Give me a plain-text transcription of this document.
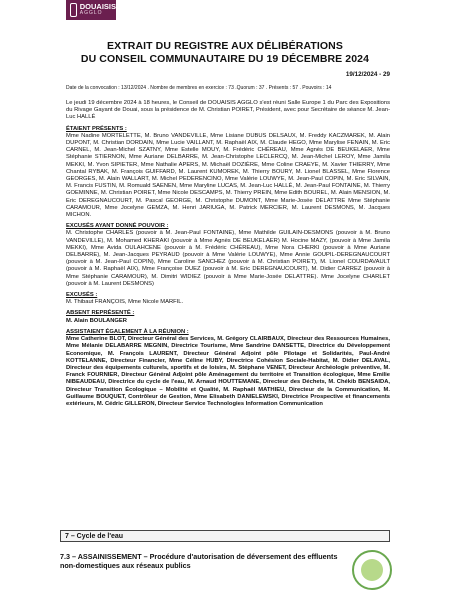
DOUAISIS
AGGLO
EXTRAIT DU REGISTRE AUX DÉLIBÉRATIONS
DU CONSEIL COMMUNAUTAIRE DU 19 DÉCEMBRE 2024
19/12/2024 - 29
Date de la convocation : 13/12/2024 . Nombre de membres en exercice : 73 .Quorum : 37 . Présents : 57 . Pouvoirs : 14

Le jeudi 19 décembre 2024 à 18 heures, le Conseil de DOUAISIS AGGLO s'est réuni Salle Europe 1 du Parc des Expositions du Rivage Gayant de Douai, sous la présidence de M. Christian POIRET, Président, avec pour Secrétaire de séance M. Jean-Luc HALLÉ

ÉTAIENT PRÉSENTS :

Mme Nadine MORTELETTE, M. Bruno VANDEVILLE, Mme Lisiane DUBUS DELSAUX, M. Freddy KACZMAREK, M. Alain DUPONT, M. Christian DORDAIN, Mme Lucie VAILLANT, M. Raphaël AIX, M. Claude HEGO, Mme Marylise FENAIN, M. Eric CARNEL, M. Jean-Michel SZATNY, Mme Estelle MOUY, M. Frédéric CHÉREAU, Mme Agnès DE BEUKELAER, Mme Stéphanie STIERNON, Mme Auriane DELBARRE, M. Jean-Christophe LECLERCQ, M. Jean-Michel LEROY, Mme Jamila MEKKI, M. Yvon SIPIETER, Mme Nathalie APERS, M. Michaël DOZIÈRE, Mme Coline CRAEYE, M. Xavier THIERRY, Mme Chantal RYBAK, M. François GUIFFARD, M. Laurent KUMOREK, M. Thierry BOURY, M. Lionel BLASSEL, Mme Florence GEORGES, M. Alain WALLART, M. Michel PEDERENCINO, Mme Valérie LOUWYE, M. Jean-Paul COPIN, M. Eric SILVAIN, M. Francis FUSTIN, M. Romuald SAENEN, Mme Maryline LUCAS, M. Jean-Luc HALLÉ, M. Jean-Paul FONTAINE, M. Thierry GOEMINNE, M. Christian POIRET, Mme Nicole DESCAMPS, M. Thierry PREIN, Mme Edith BOUREL, M. Alain MENSION, M. Eric DEREGNAUCOURT, M. Pascal GEORGE, M. Christophe DUMONT, Mme Marie-Josée DELATTRE Mme Stéphanie CARAMOUR, Mme Jocelyne GEMZA, M. Henri JARIUGA, M. Patrick MERCIER, M. Laurent DESMONS, M. Jacques MICHON.

EXCUSÉS AYANT DONNÉ POUVOIR :

M. Christophe CHARLES (pouvoir à M. Jean-Paul FONTAINE), Mme Mathilde GUILAIN-DESMONS (pouvoir à M. Bruno VANDEVILLE), M. Mohamed KHERAKI (pouvoir à Mme Agnès DE BEUKELAER) M. Hocine MAZY, (pouvoir à Mme Jamila MEKKI), Mme Avida OULAHCENE (pouvoir à M. Frédéric CHÉREAU), Mme Nora CHERKI (pouvoir à Mme Auriane DELBARRE), M. Jean-Jacques PEYRAUD (pouvoir à Mme Valérie LOUWYE), Mme Annie GOUPIL-DEREGNAUCOURT (pouvoir à M. Jean-Paul COPIN), Mme Caroline SANCHEZ (pouvoir à M. Christian POIRET), M. Lionel COURDAVAULT (pouvoir à M. Raphaël AIX), Mme Françoise DUEZ (pouvoir à M. Eric DEREGNAUCOURT), M. Didier CARREZ (pouvoir à Mme Stéphanie CARAMOUR), M. Dimitri WIDIEZ (pouvoir à Mme Marie-Josée DELATTRE). Mme Jocelyne CHARLET (pouvoir à M. Laurent DESMONS)

EXCUSÉS :

M. Thibaut FRANÇOIS, Mme Nicole MARFIL.

ABSENT REPRÉSENTÉ :

M. Alain BOULANGER

ASSISTAIENT ÉGALEMENT À LA RÉUNION :

Mme Catherine BLOT, Directeur Général des Services, M. Grégory CLAIRBAUX, Directeur des Ressources Humaines, Mme Mélanie DELABARRE MEGNIN, Directrice Tourisme, Mme Sandrine DANSETTE, Directrice du Développement Economique, M. François LAURENT, Directeur Général Adjoint pôle Pilotage et Solidarités, Paul-André KOTTELANNE, Directeur Financier, Mme Céline HUBY, Directrice Cohésion Sociale-Habitat, M. Didier DELAVAL, Directeur des équipements culturels, sportifs et de loisirs, M. Stéphane VENET, Directeur Archéologie préventive, M. Franck FOURNIER, Directeur Général Adjoint pôle Aménagement du territoire et Transition écologique, Mme Emilie NIBEAUDEAU, Directrice du cycle de l'eau, M. Arnaud HOUTTEMANE, Directeur des Déchets, M. Chékib BENSAIDA, Directeur Transition Écologique – Mobilité et Qualité, M. Raphaël MATHIEU, Directeur de la Communication, M. Guillaume BOUQUET, Contrôleur de Gestion, Mme Elisabeth DANIELEWSKI, Directrice Prospective et financements extérieurs, M. Cédric GILLERON, Directeur Service Technologies Information Communication

7 – Cycle de l'eau
7.3 – ASSAINISSEMENT – Procédure d'autorisation de déversement des effluents non-domestiques aux réseaux publics
